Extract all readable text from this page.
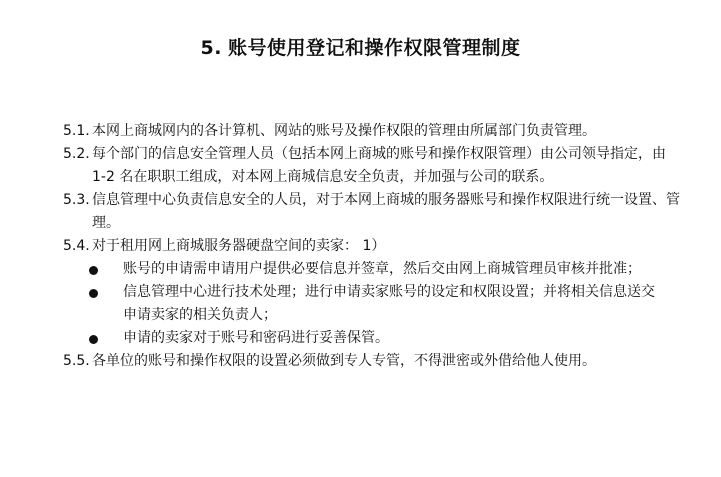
5. 账号使用登记和操作权限管理制度
5.1. 本网上商城网内的各计算机、网站的账号及操作权限的管理由所属部门负责管理。
5.2. 每个部门的信息安全管理人员（包括本网上商城的账号和操作权限管理）由公司领导指定，由 1-2 名在职职工组成，对本网上商城信息安全负责，并加强与公司的联系。
5.3. 信息管理中心负责信息安全的人员，对于本网上商城的服务器账号和操作权限进行统一设置、管理。
5.4. 对于租用网上商城服务器硬盘空间的卖家： 1）
账号的申请需申请用户提供必要信息并签章，然后交由网上商城管理员审核并批准；
信息管理中心进行技术处理；进行申请卖家账号的设定和权限设置；并将相关信息送交申请卖家的相关负责人；
申请的卖家对于账号和密码进行妥善保管。
5.5. 各单位的账号和操作权限的设置必须做到专人专管，不得泄密或外借给他人使用。
